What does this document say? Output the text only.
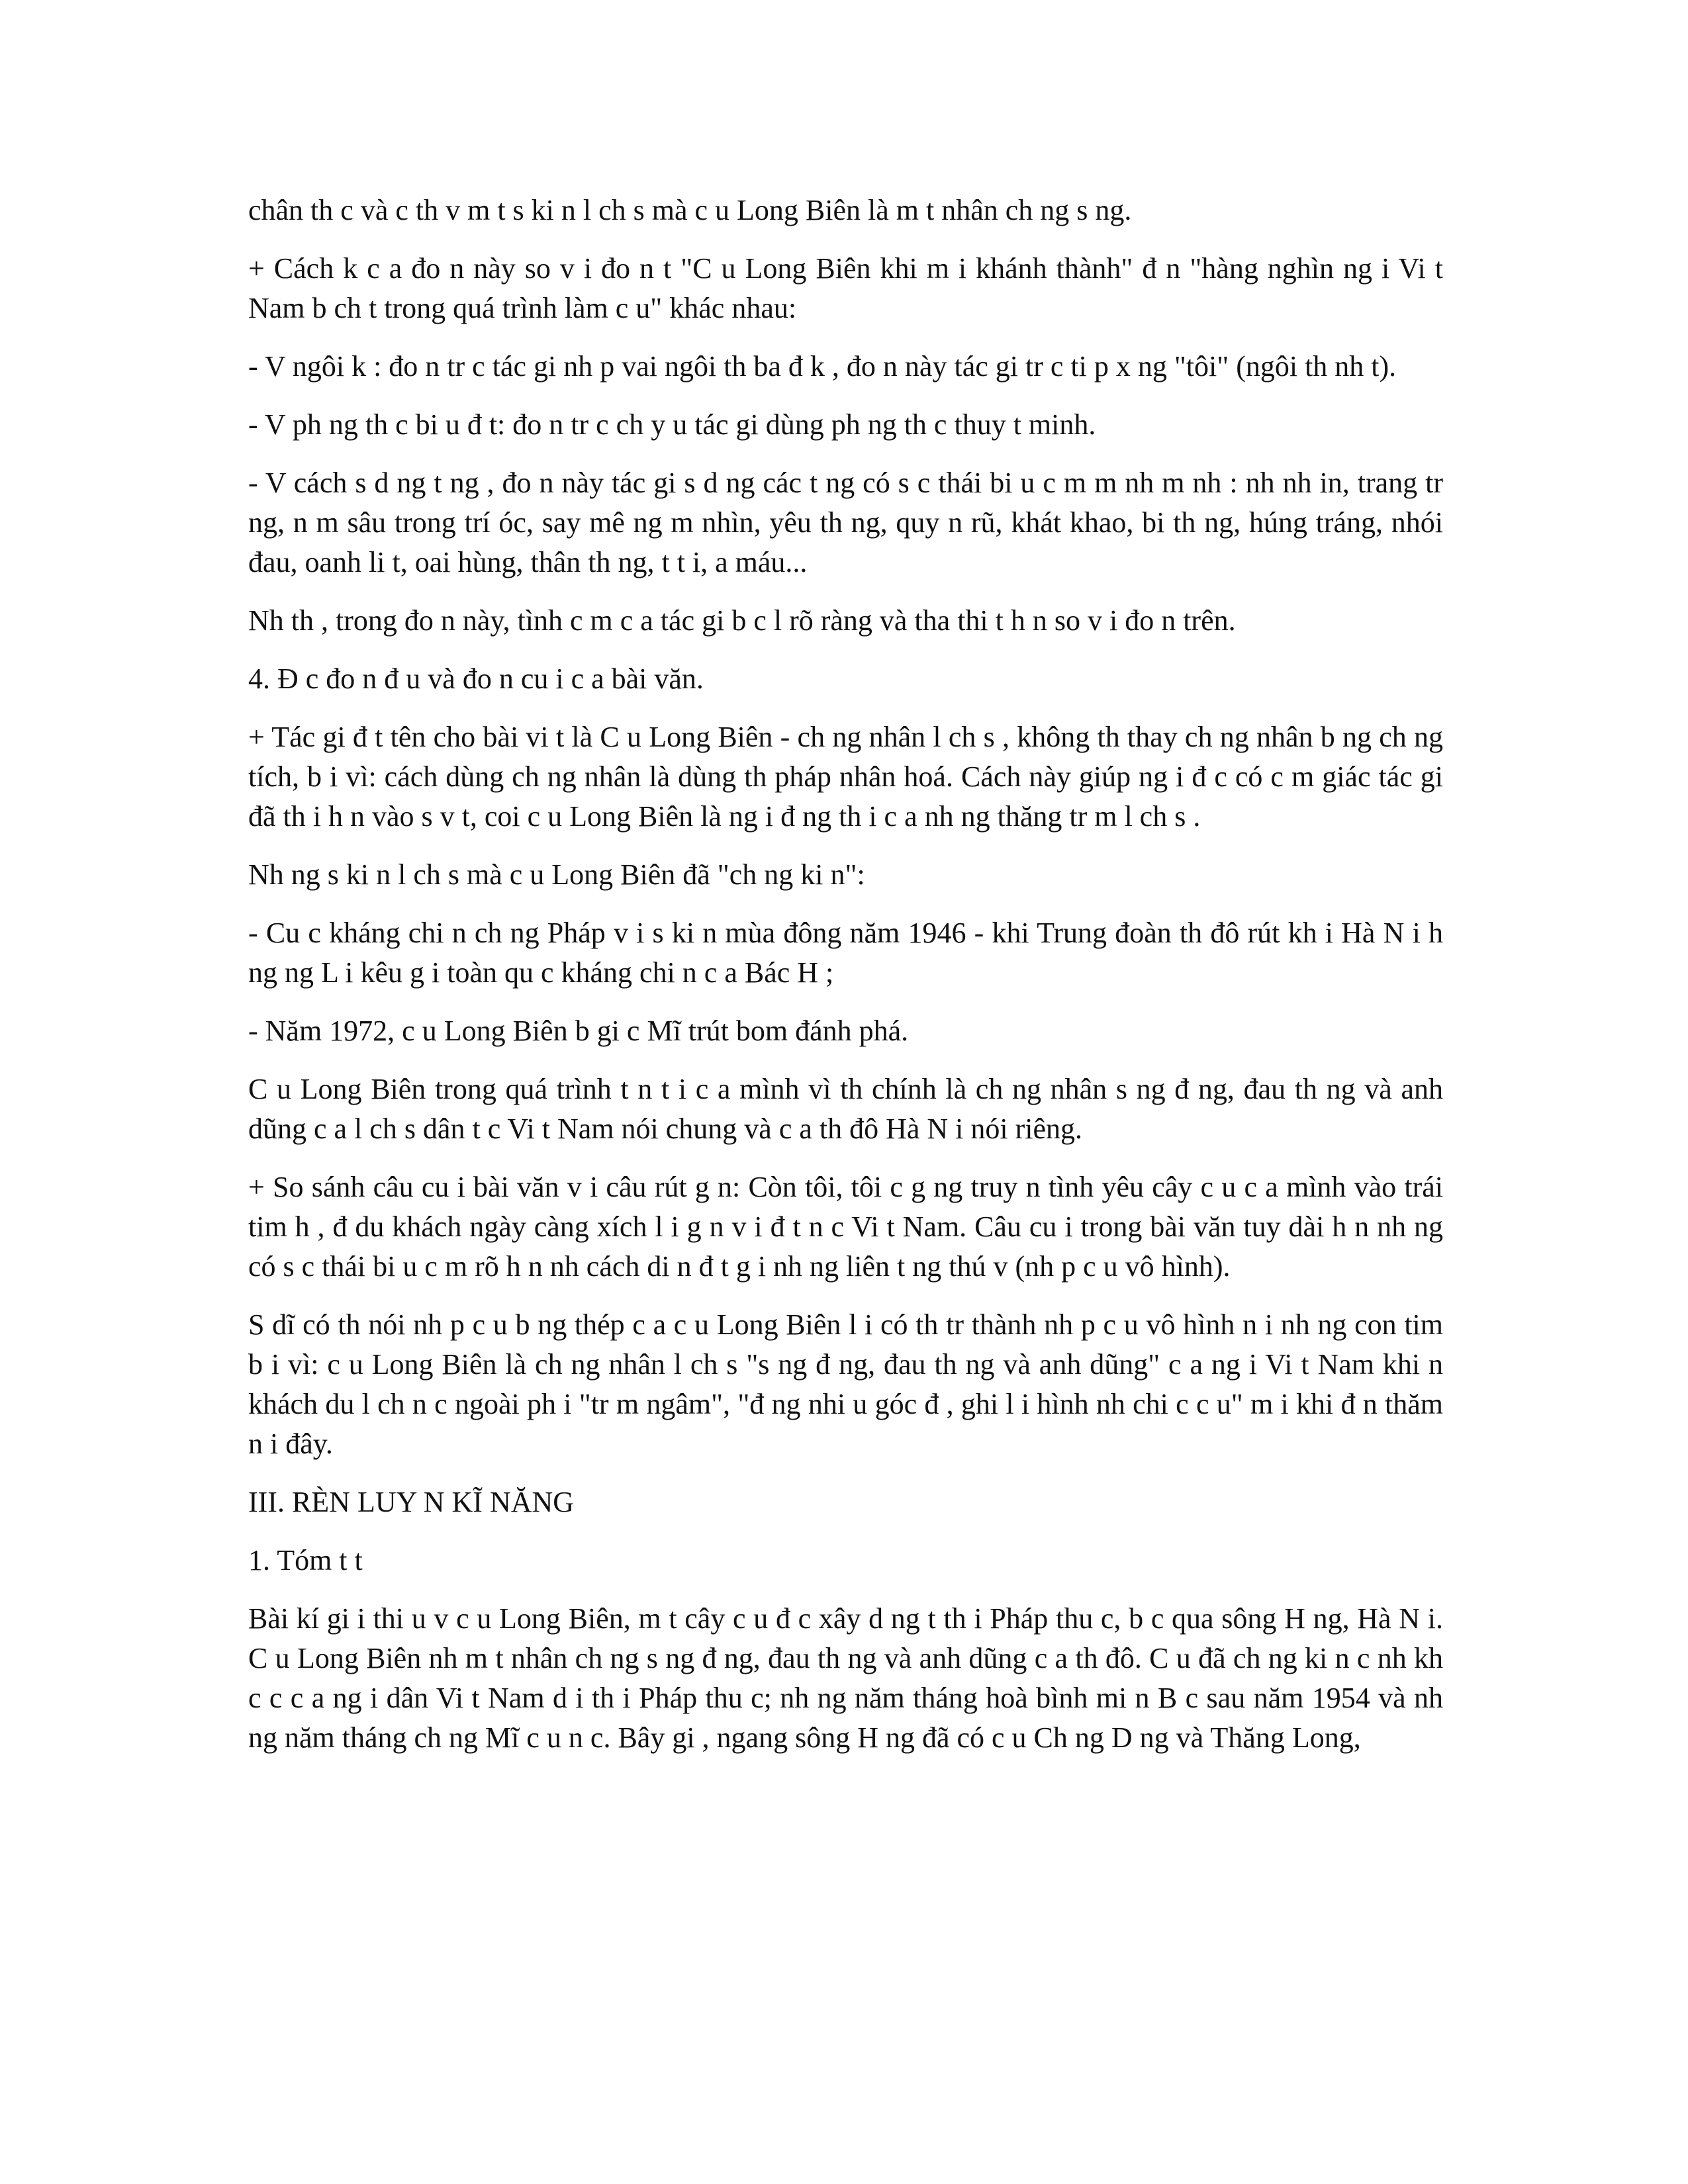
chân th c và c th v m t s ki n l ch s mà c u Long Biên là m t nhân ch ng s ng.

+ Cách k c a đo n này so v i đo n t "C u Long Biên khi m i khánh thành" đ n "hàng nghìn ng i Vi t Nam b ch t trong quá trình làm c u" khác nhau:

- V ngôi k : đo n tr c tác gi nh p vai ngôi th ba đ k , đo n này tác gi tr c ti p x ng "tôi" (ngôi th nh t).

- V ph ng th c bi u đ t: đo n tr c ch y u tác gi dùng ph ng th c thuy t minh.

- V cách s d ng t ng , đo n này tác gi s d ng các t ng có s c thái bi u c m m nh m nh : nh nh in, trang tr ng, n m sâu trong trí óc, say mê ng m nhìn, yêu th ng, quy n rũ, khát khao, bi th ng, húng tráng, nhói đau, oanh li t, oai hùng, thân th ng, t t i, a máu...

Nh th , trong đo n này, tình c m c a tác gi b c l rõ ràng và tha thi t h n so v i đo n trên.

4. Đ c đo n đ u và đo n cu i c a bài văn.

+ Tác gi đ t tên cho bài vi t là C u Long Biên - ch ng nhân l ch s , không th thay ch ng nhân b ng ch ng tích, b i vì: cách dùng ch ng nhân là dùng th pháp nhân hoá. Cách này giúp ng i đ c có c m giác tác gi đã th i h n vào s v t, coi c u Long Biên là ng i đ ng th i c a nh ng thăng tr m l ch s .

Nh ng s ki n l ch s mà c u Long Biên đã "ch ng ki n":

- Cu c kháng chi n ch ng Pháp v i s ki n mùa đông năm 1946 - khi Trung đoàn th đô rút kh i Hà N i h ng ng L i kêu g i toàn qu c kháng chi n c a Bác H ;

- Năm 1972, c u Long Biên b gi c Mĩ trút bom đánh phá.

C u Long Biên trong quá trình t n t i c a mình vì th chính là ch ng nhân s ng đ ng, đau th ng và anh dũng c a l ch s dân t c Vi t Nam nói chung và c a th đô Hà N i nói riêng.

+ So sánh câu cu i bài văn v i câu rút g n: Còn tôi, tôi c g ng truy n tình yêu cây c u c a mình vào trái tim h , đ du khách ngày càng xích l i g n v i đ t n c Vi t Nam. Câu cu i trong bài văn tuy dài h n nh ng có s c thái bi u c m rõ h n nh cách di n đ t g i nh ng liên t ng thú v (nh p c u vô hình).

S dĩ có th nói nh p c u b ng thép c a c u Long Biên l i có th tr thành nh p c u vô hình n i nh ng con tim b i vì: c u Long Biên là ch ng nhân l ch s "s ng đ ng, đau th ng và anh dũng" c a ng i Vi t Nam khi n khách du l ch n c ngoài ph i "tr m ngâm", "đ ng nhi u góc đ , ghi l i hình nh chi c c u" m i khi đ n thăm n i đây.

III. RÈN LUY N KĨ NĂNG

1. Tóm t t

Bài kí gi i thi u v c u Long Biên, m t cây c u đ c xây d ng t th i Pháp thu c, b c qua sông H ng, Hà N i. C u Long Biên nh m t nhân ch ng s ng đ ng, đau th ng và anh dũng c a th đô. C u đã ch ng ki n c nh kh c c c a ng i dân Vi t Nam d i th i Pháp thu c; nh ng năm tháng hoà bình mi n B c sau năm 1954 và nh ng năm tháng ch ng Mĩ c u n c. Bây gi , ngang sông H ng đã có c u Ch ng D ng và Thăng Long,
